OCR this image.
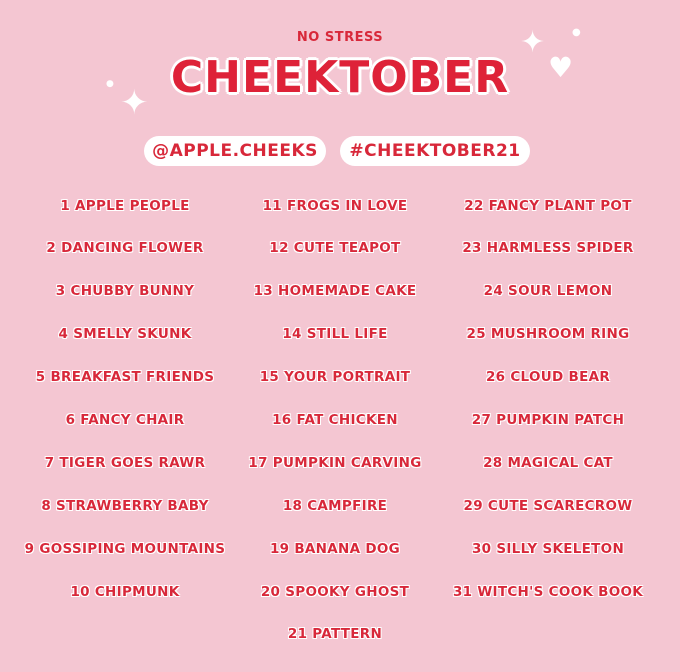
NO STRESS
CHEEKTOBER
✦
●
✦	●
♥
@APPLE.CHEEKS #CHEEKTOBER21
1 APPLE PEOPLE
2 DANCING FLOWER
3 CHUBBY BUNNY
4 SMELLY SKUNK
5 BREAKFAST FRIENDS
6 FANCY CHAIR
7 TIGER GOES RAWR
8 STRAWBERRY BABY
9 GOSSIPING MOUNTAINS
10 CHIPMUNK
11 FROGS IN LOVE
12 CUTE TEAPOT
13 HOMEMADE CAKE
14 STILL LIFE
15 YOUR PORTRAIT
16 FAT CHICKEN
17 PUMPKIN CARVING
18 CAMPFIRE
19 BANANA DOG
20 SPOOKY GHOST
21 PATTERN
22 FANCY PLANT POT
23 HARMLESS SPIDER
24 SOUR LEMON
25 MUSHROOM RING
26 CLOUD BEAR
27 PUMPKIN PATCH
28 MAGICAL CAT
29 CUTE SCARECROW
30 SILLY SKELETON
31 WITCH'S COOK BOOK
